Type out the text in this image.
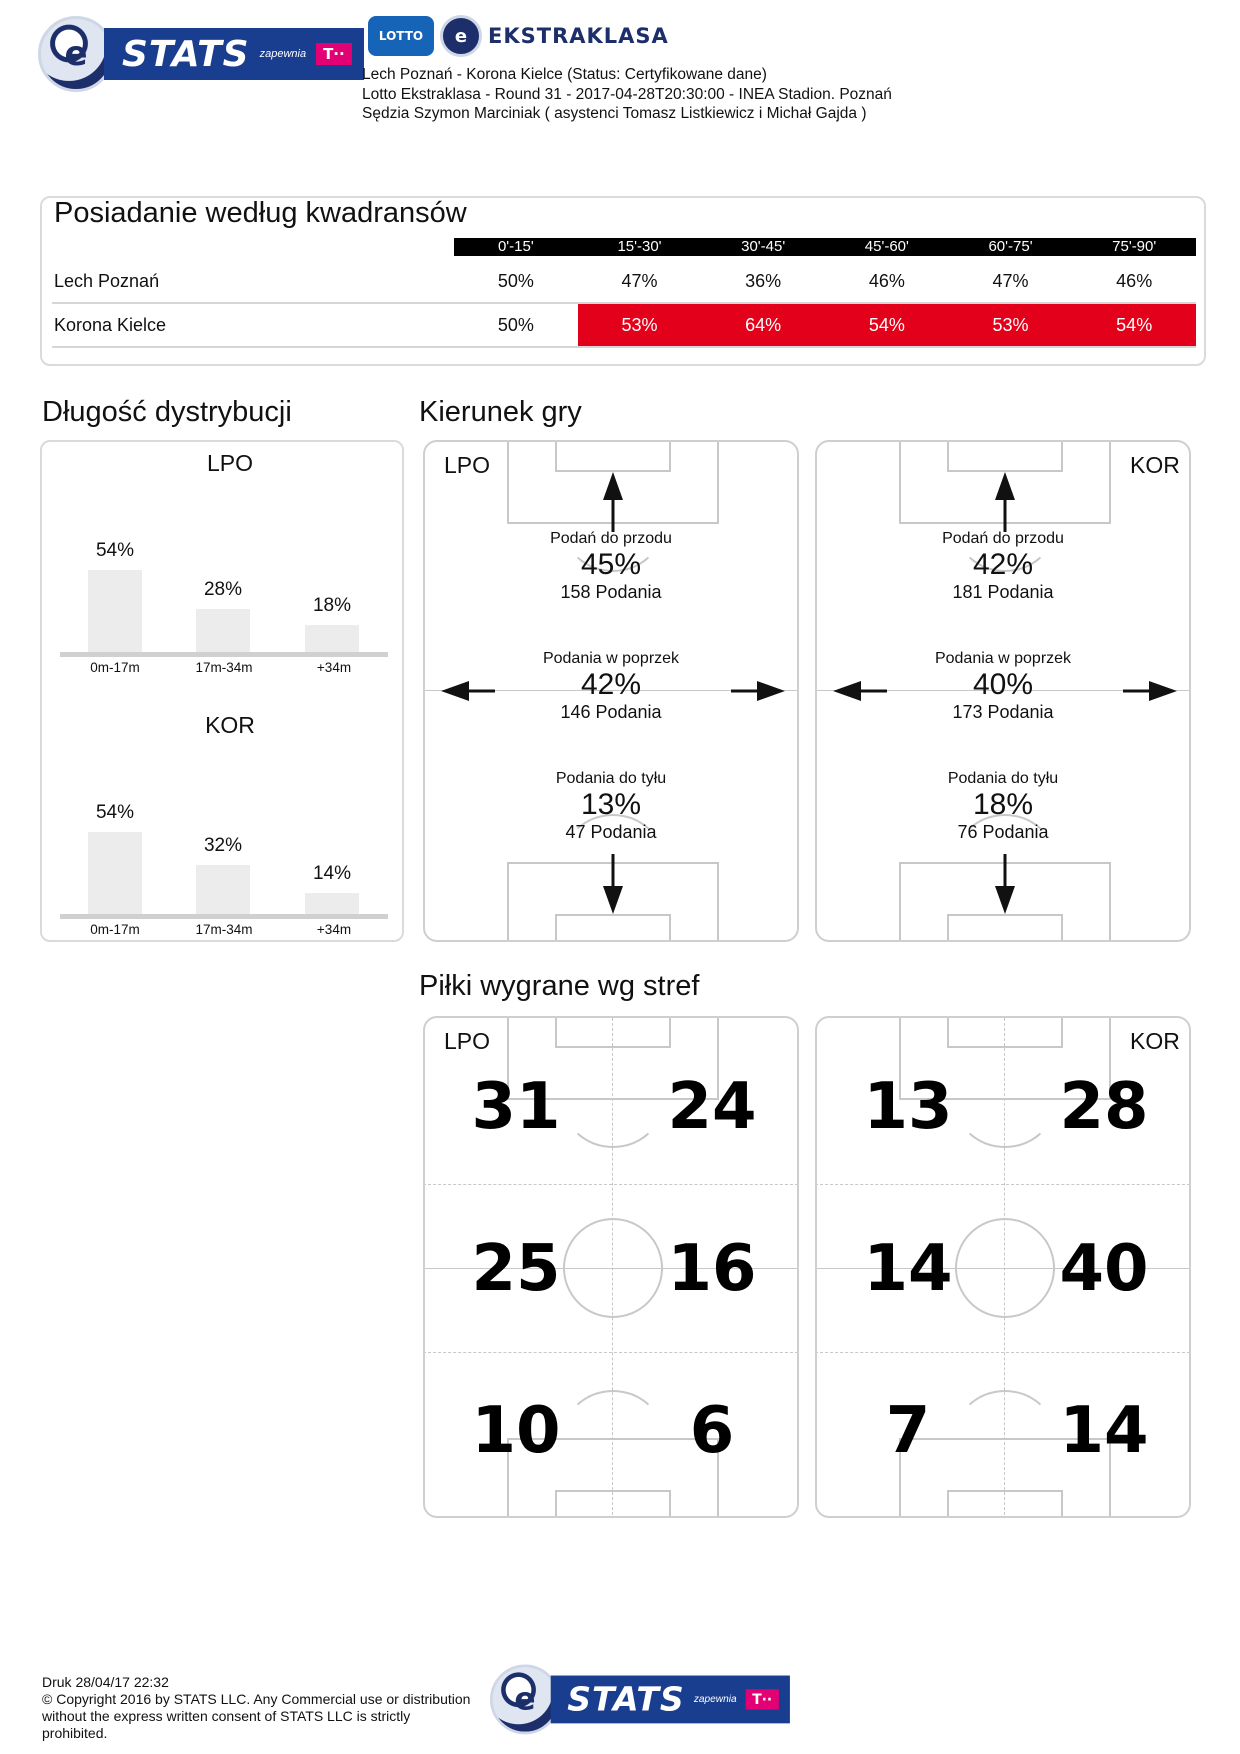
e STATS zapewnia	T··
LOTTO	e EKSTRAKLASA
Lech Poznań - Korona Kielce (Status: Certyfikowane dane)
Lotto Ekstraklasa - Round 31 - 2017-04-28T20:30:00 - INEA Stadion. Poznań
Sędzia Szymon Marciniak ( asystenci Tomasz Listkiewicz i Michał Gajda )
Posiadanie według kwadransów
0'-15'	15'-30'	30'-45'	45'-60'	60'-75'	75'-90'
Lech Poznań	50%	47%	36%	46%	47%	46%
Korona Kielce	50%	53%	64%	54%	53%	54%
Długość dystrybucji
LPO
KOR
54%
28%
18%
54%
32%
14%
0m-17m	17m-34m	+34m
0m-17m	17m-34m	+34m
Kierunek gry
LPO
Podań do przodu
45%
158 Podania
Podania w poprzek
42%
146 Podania
Podania do tyłu
13%
47 Podania
KOR
Podań do przodu
42%
181 Podania
Podania w poprzek
40%
173 Podania
Podania do tyłu
18%
76 Podania
Piłki wygrane wg stref
LPO
31 24
25 16
10	6
KOR
13 28
14 40
7	14
Druk 28/04/17 22:32
© Copyright 2016 by STATS LLC. Any Commercial use or distribution without the express written consent of STATS LLC is strictly prohibited.
e STATS zapewnia	T··
